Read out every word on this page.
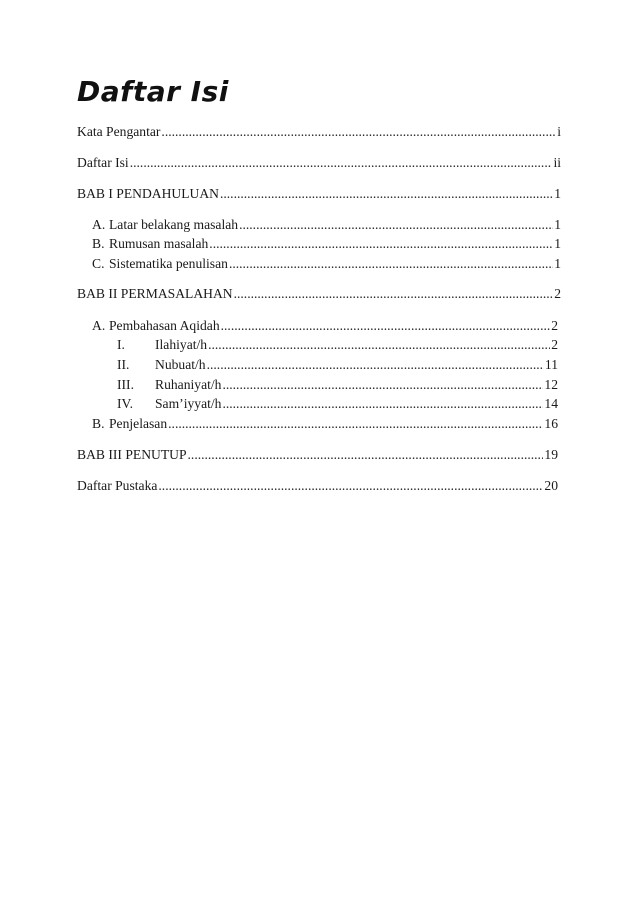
Daftar Isi
Kata Pengantar .....	i
Daftar Isi .....	ii
BAB I PENDAHULUAN .....	1
A. Latar belakang masalah .....	1
B. Rumusan masalah .....	1
C. Sistematika penulisan .....	1
BAB II PERMASALAHAN .....	2
A. Pembahasan Aqidah .....	2
I.	Ilahiyat/h .....	2
II.	Nubuat/h .....	11
III.	Ruhaniyat/h .....	12
IV.	Sam’iyyat/h .....	14
B. Penjelasan .....	16
BAB III PENUTUP .....	19
Daftar Pustaka .....	20
